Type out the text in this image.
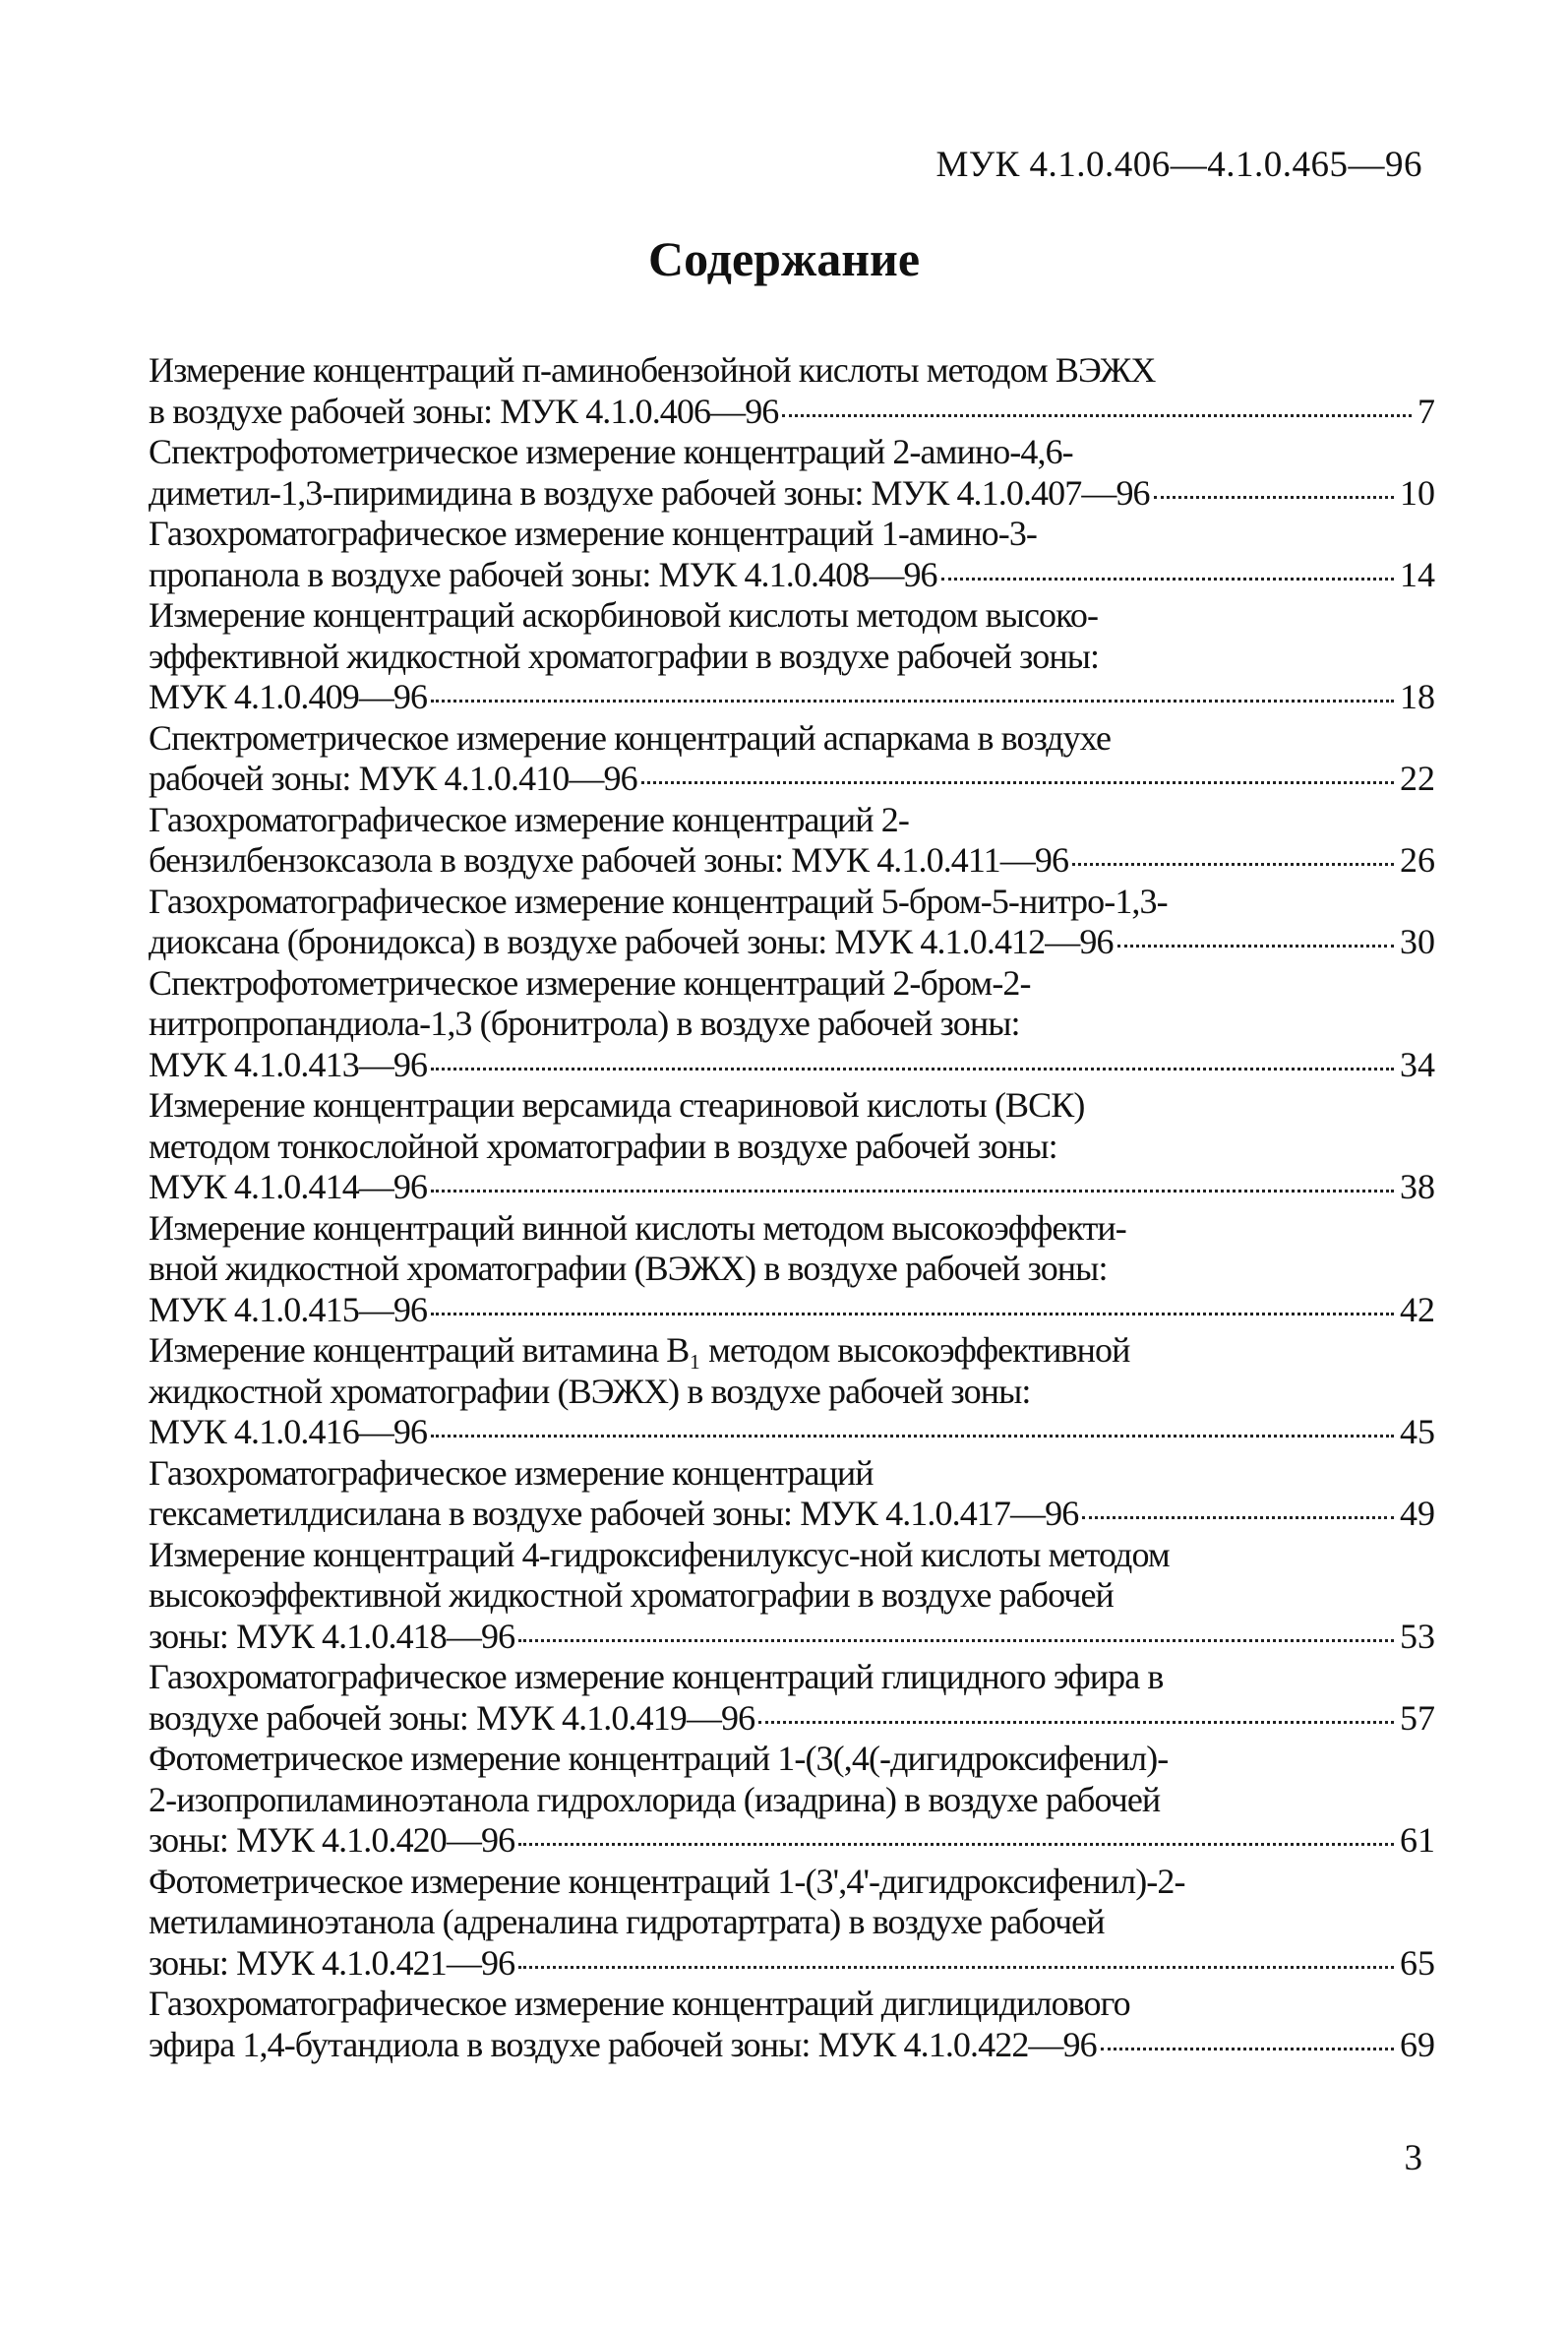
МУК 4.1.0.406—4.1.0.465—96
Содержание
Измерение концентраций п-аминобензойной кислоты методом ВЭЖХ
в воздухе рабочей зоны: МУК 4.1.0.406—96	7
Спектрофотометрическое измерение концентраций 2-амино-4,6-
диметил-1,3-пиримидина в воздухе рабочей зоны: МУК 4.1.0.407—96	10
Газохроматографическое измерение концентраций 1-амино-3-
пропанола в воздухе рабочей зоны: МУК 4.1.0.408—96	14
Измерение концентраций аскорбиновой кислоты методом высоко-
эффективной жидкостной хроматографии в воздухе рабочей зоны:
МУК 4.1.0.409—96	18
Спектрометрическое измерение концентраций аспаркама в воздухе
рабочей зоны: МУК 4.1.0.410—96	22
Газохроматографическое измерение концентраций 2-
бензилбензоксазола в воздухе рабочей зоны: МУК 4.1.0.411—96	26
Газохроматографическое измерение концентраций 5-бром-5-нитро-1,3-
диоксана (бронидокса) в воздухе рабочей зоны: МУК 4.1.0.412—96	30
Спектрофотометрическое измерение концентраций 2-бром-2-
нитропропандиола-1,3 (бронитрола) в воздухе рабочей зоны:
МУК 4.1.0.413—96	34
Измерение концентрации версамида стеариновой кислоты (ВСК)
методом тонкослойной хроматографии в воздухе рабочей зоны:
МУК 4.1.0.414—96	38
Измерение концентраций винной кислоты методом высокоэффекти-
вной жидкостной хроматографии (ВЭЖХ) в воздухе рабочей зоны:
МУК 4.1.0.415—96	42
Измерение концентраций витамина B₁ методом высокоэффективной
жидкостной хроматографии (ВЭЖХ) в воздухе рабочей зоны:
МУК 4.1.0.416—96	45
Газохроматографическое измерение концентраций
гексаметилдисилана в воздухе рабочей зоны: МУК 4.1.0.417—96	49
Измерение концентраций 4-гидроксифенилуксус-ной кислоты методом
высокоэффективной жидкостной хроматографии в воздухе рабочей
зоны: МУК 4.1.0.418—96	53
Газохроматографическое измерение концентраций глицидного эфира в
воздухе рабочей зоны: МУК 4.1.0.419—96	57
Фотометрическое измерение концентраций 1-(3(,4(-дигидроксифенил)-
2-изопропиламиноэтанола гидрохлорида (изадрина) в воздухе рабочей
зоны: МУК 4.1.0.420—96	61
Фотометрическое измерение концентраций 1-(3',4'-дигидроксифенил)-2-
метиламиноэтанола (адреналина гидротартрата) в воздухе рабочей
зоны: МУК 4.1.0.421—96	65
Газохроматографическое измерение концентраций диглицидилового
эфира 1,4-бутандиола в воздухе рабочей зоны: МУК 4.1.0.422—96	69
3
